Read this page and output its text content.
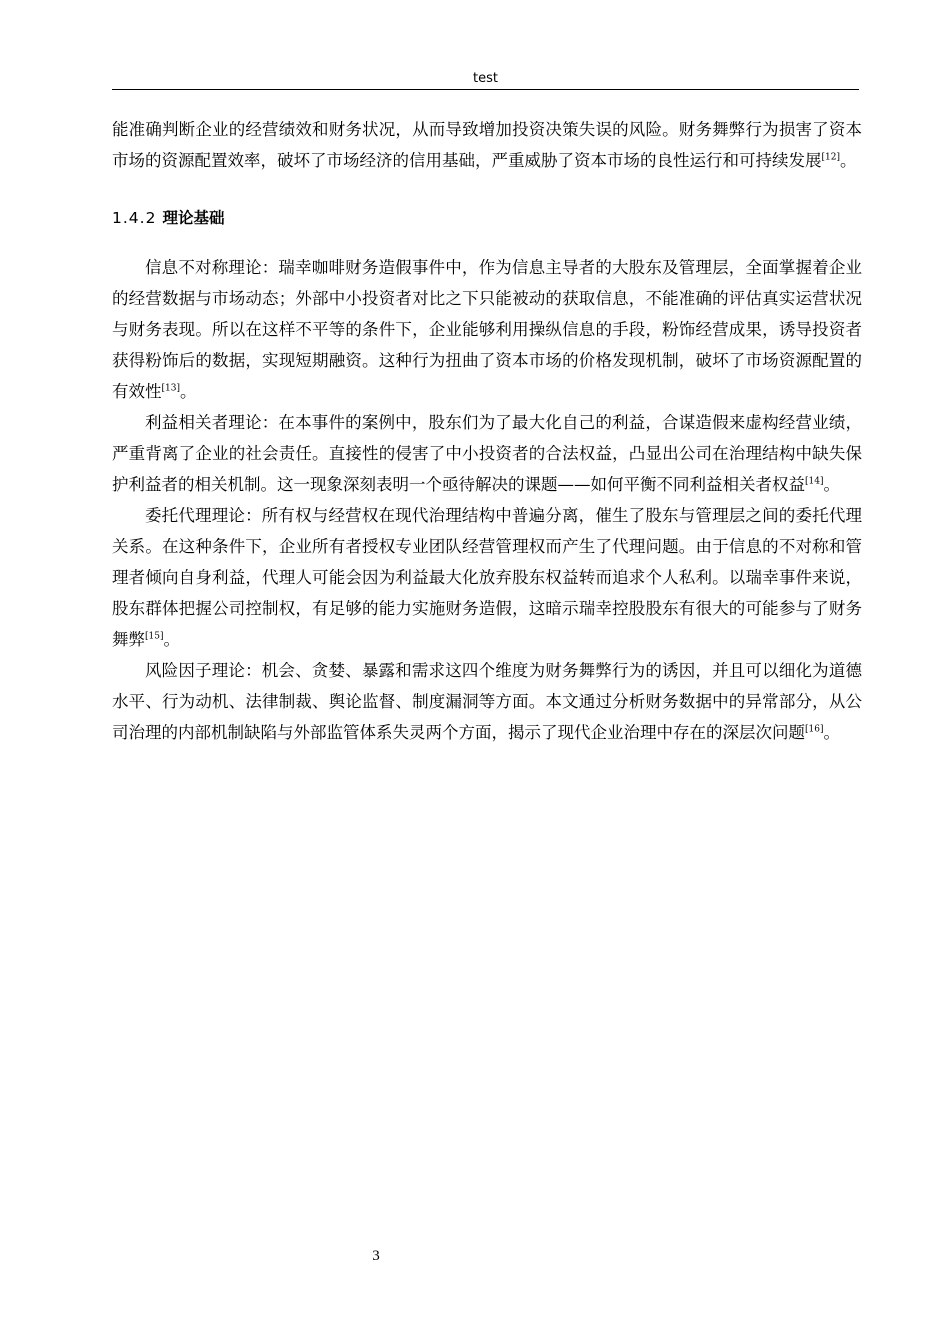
test

能准确判断企业的经营绩效和财务状况，从而导致增加投资决策失误的风险。财务舞弊行为损害了资本市场的资源配置效率，破坏了市场经济的信用基础，严重威胁了资本市场的良性运行和可持续发展[12]。

1.4.2 理论基础

信息不对称理论：瑞幸咖啡财务造假事件中，作为信息主导者的大股东及管理层，全面掌握着企业的经营数据与市场动态；外部中小投资者对比之下只能被动的获取信息，不能准确的评估真实运营状况与财务表现。所以在这样不平等的条件下，企业能够利用操纵信息的手段，粉饰经营成果，诱导投资者获得粉饰后的数据，实现短期融资。这种行为扭曲了资本市场的价格发现机制，破坏了市场资源配置的有效性[13]。

利益相关者理论：在本事件的案例中，股东们为了最大化自己的利益，合谋造假来虚构经营业绩，严重背离了企业的社会责任。直接性的侵害了中小投资者的合法权益，凸显出公司在治理结构中缺失保护利益者的相关机制。这一现象深刻表明一个亟待解决的课题——如何平衡不同利益相关者权益[14]。

委托代理理论：所有权与经营权在现代治理结构中普遍分离，催生了股东与管理层之间的委托代理关系。在这种条件下，企业所有者授权专业团队经营管理权而产生了代理问题。由于信息的不对称和管理者倾向自身利益，代理人可能会因为利益最大化放弃股东权益转而追求个人私利。以瑞幸事件来说，股东群体把握公司控制权，有足够的能力实施财务造假，这暗示瑞幸控股股东有很大的可能参与了财务舞弊[15]。

风险因子理论：机会、贪婪、暴露和需求这四个维度为财务舞弊行为的诱因，并且可以细化为道德水平、行为动机、法律制裁、舆论监督、制度漏洞等方面。本文通过分析财务数据中的异常部分，从公司治理的内部机制缺陷与外部监管体系失灵两个方面，揭示了现代企业治理中存在的深层次问题[16]。

3
